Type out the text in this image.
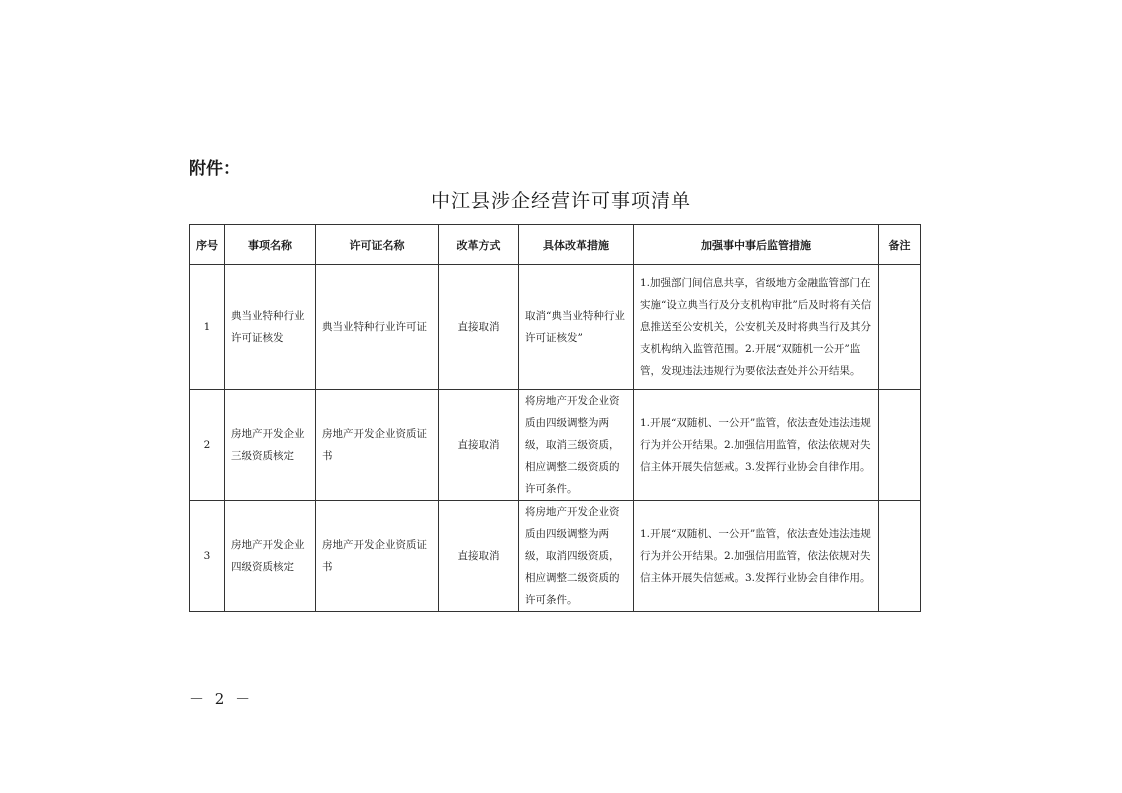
附件：
中江县涉企经营许可事项清单
序号	事项名称	许可证名称	改革方式	具体改革措施	加强事中事后监管措施	备注
1	典当业特种行业许可证核发	典当业特种行业许可证	直接取消	取消“典当业特种行业许可证核发”	1.加强部门间信息共享，省级地方金融监管部门在实施“设立典当行及分支机构审批”后及时将有关信息推送至公安机关，公安机关及时将典当行及其分支机构纳入监管范围。2.开展“双随机一公开”监管，发现违法违规行为要依法查处并公开结果。	
2	房地产开发企业三级资质核定	房地产开发企业资质证书	直接取消	将房地产开发企业资质由四级调整为两级，取消三级资质，相应调整二级资质的许可条件。	1.开展“双随机、一公开”监管，依法查处违法违规行为并公开结果。2.加强信用监管，依法依规对失信主体开展失信惩戒。3.发挥行业协会自律作用。	
3	房地产开发企业四级资质核定	房地产开发企业资质证书	直接取消	将房地产开发企业资质由四级调整为两级，取消四级资质，相应调整二级资质的许可条件。	1.开展“双随机、一公开”监管，依法查处违法违规行为并公开结果。2.加强信用监管，依法依规对失信主体开展失信惩戒。3.发挥行业协会自律作用。	
－ 2 －
